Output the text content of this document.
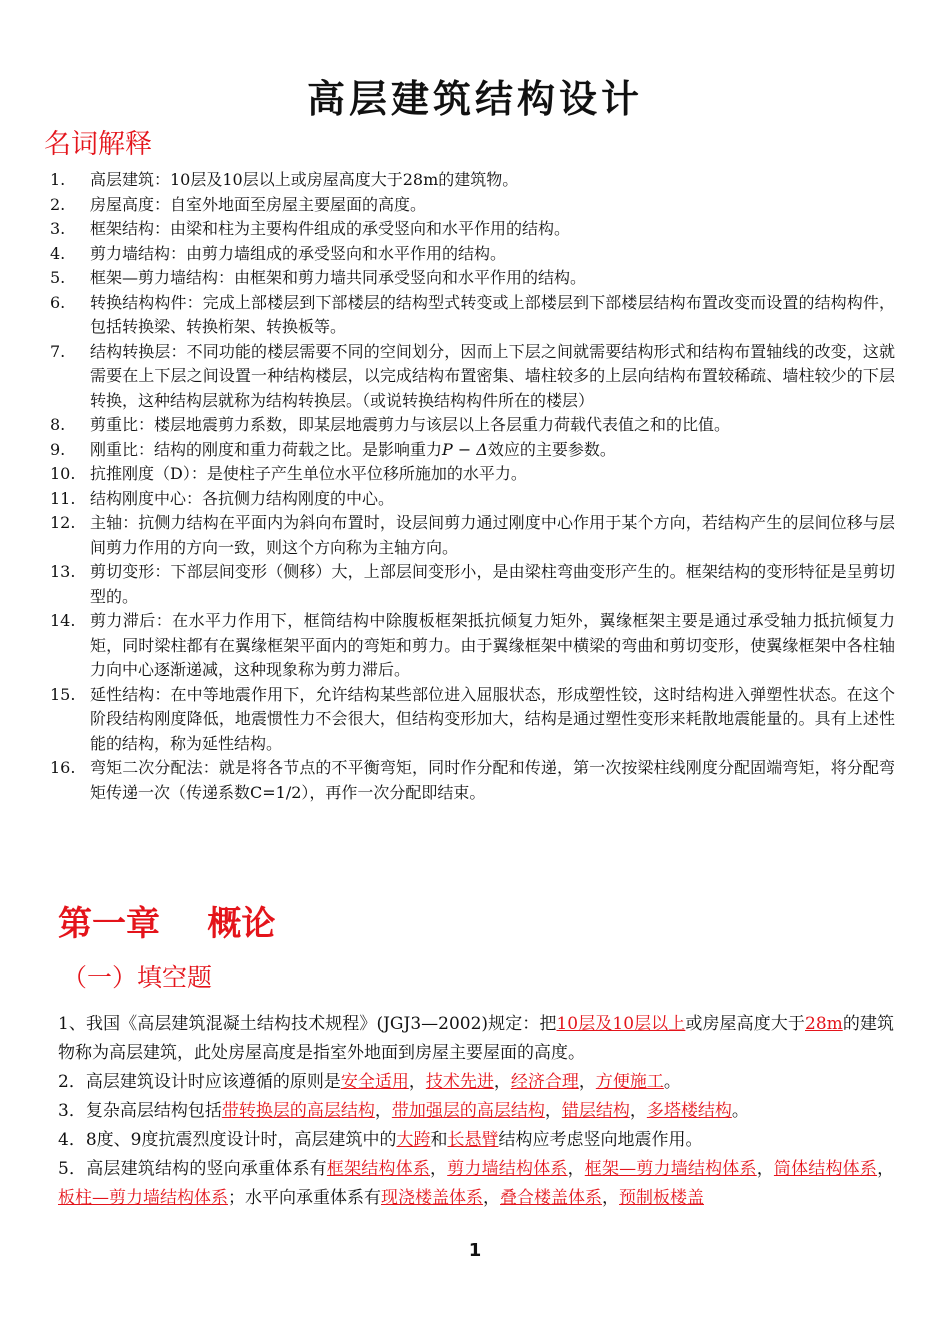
高层建筑结构设计
名词解释
1.	高层建筑：10层及10层以上或房屋高度大于28m的建筑物。
2.	房屋高度：自室外地面至房屋主要屋面的高度。
3.	框架结构：由梁和柱为主要构件组成的承受竖向和水平作用的结构。
4.	剪力墙结构：由剪力墙组成的承受竖向和水平作用的结构。
5.	框架—剪力墙结构：由框架和剪力墙共同承受竖向和水平作用的结构。
6.	转换结构构件：完成上部楼层到下部楼层的结构型式转变或上部楼层到下部楼层结构布置改变而设置的结构构件，包括转换梁、转换桁架、转换板等。
7.	结构转换层：不同功能的楼层需要不同的空间划分，因而上下层之间就需要结构形式和结构布置轴线的改变，这就需要在上下层之间设置一种结构楼层，以完成结构布置密集、墙柱较多的上层向结构布置较稀疏、墙柱较少的下层转换，这种结构层就称为结构转换层。（或说转换结构构件所在的楼层）
8.	剪重比：楼层地震剪力系数，即某层地震剪力与该层以上各层重力荷载代表值之和的比值。
9.	刚重比：结构的刚度和重力荷载之比。是影响重力P − Δ效应的主要参数。
10. 抗推刚度（D）：是使柱子产生单位水平位移所施加的水平力。
11. 结构刚度中心：各抗侧力结构刚度的中心。
12. 主轴：抗侧力结构在平面内为斜向布置时，设层间剪力通过刚度中心作用于某个方向，若结构产生的层间位移与层间剪力作用的方向一致，则这个方向称为主轴方向。
13. 剪切变形：下部层间变形（侧移）大，上部层间变形小，是由梁柱弯曲变形产生的。框架结构的变形特征是呈剪切型的。
14. 剪力滞后：在水平力作用下，框筒结构中除腹板框架抵抗倾复力矩外，翼缘框架主要是通过承受轴力抵抗倾复力矩，同时梁柱都有在翼缘框架平面内的弯矩和剪力。由于翼缘框架中横梁的弯曲和剪切变形，使翼缘框架中各柱轴力向中心逐渐递减，这种现象称为剪力滞后。
15. 延性结构：在中等地震作用下，允许结构某些部位进入屈服状态，形成塑性铰，这时结构进入弹塑性状态。在这个阶段结构刚度降低，地震惯性力不会很大，但结构变形加大，结构是通过塑性变形来耗散地震能量的。具有上述性能的结构，称为延性结构。
16. 弯矩二次分配法：就是将各节点的不平衡弯矩，同时作分配和传递，第一次按梁柱线刚度分配固端弯矩，将分配弯矩传递一次（传递系数C=1/2），再作一次分配即结束。
第一章    概论
（一）填空题

1、我国《高层建筑混凝土结构技术规程》(JGJ3—2002)规定：把10层及10层以上或房屋高度大于28m的建筑物称为高层建筑，此处房屋高度是指室外地面到房屋主要屋面的高度。

2．高层建筑设计时应该遵循的原则是安全适用，技术先进，经济合理，方便施工。

3．复杂高层结构包括带转换层的高层结构，带加强层的高层结构，错层结构，多塔楼结构。

4．8度、9度抗震烈度设计时，高层建筑中的大跨和长悬臂结构应考虑竖向地震作用。

5．高层建筑结构的竖向承重体系有框架结构体系，剪力墙结构体系，框架—剪力墙结构体系，筒体结构体系，板柱—剪力墙结构体系；水平向承重体系有现浇楼盖体系，叠合楼盖体系，预制板楼盖

1
